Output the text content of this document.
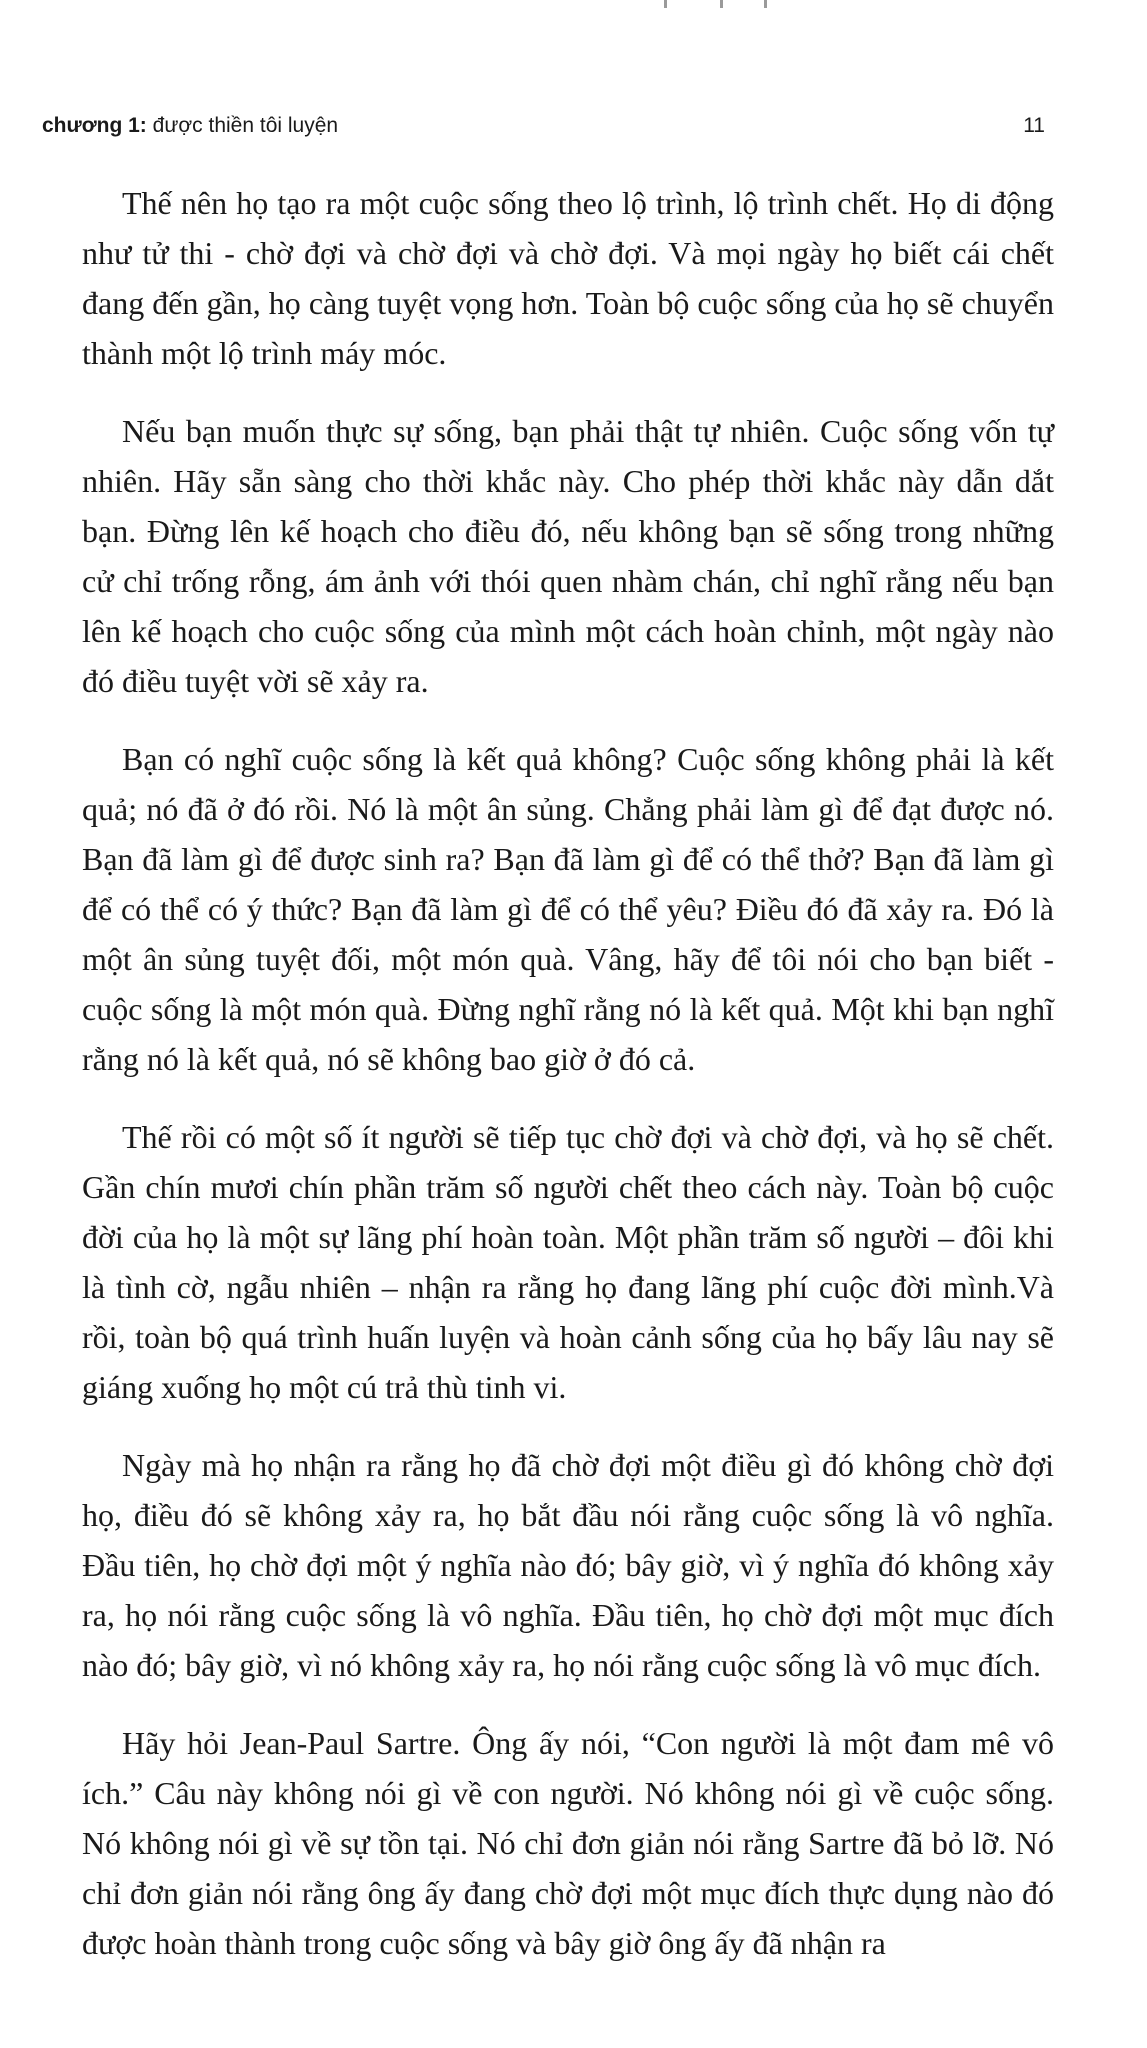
chương 1: được thiền tôi luyện	11

Thế nên họ tạo ra một cuộc sống theo lộ trình, lộ trình chết. Họ di động như tử thi - chờ đợi và chờ đợi và chờ đợi. Và mọi ngày họ biết cái chết đang đến gần, họ càng tuyệt vọng hơn. Toàn bộ cuộc sống của họ sẽ chuyển thành một lộ trình máy móc.

Nếu bạn muốn thực sự sống, bạn phải thật tự nhiên. Cuộc sống vốn tự nhiên. Hãy sẵn sàng cho thời khắc này. Cho phép thời khắc này dẫn dắt bạn. Đừng lên kế hoạch cho điều đó, nếu không bạn sẽ sống trong những cử chỉ trống rỗng, ám ảnh với thói quen nhàm chán, chỉ nghĩ rằng nếu bạn lên kế hoạch cho cuộc sống của mình một cách hoàn chỉnh, một ngày nào đó điều tuyệt vời sẽ xảy ra.

Bạn có nghĩ cuộc sống là kết quả không? Cuộc sống không phải là kết quả; nó đã ở đó rồi. Nó là một ân sủng. Chẳng phải làm gì để đạt được nó. Bạn đã làm gì để được sinh ra? Bạn đã làm gì để có thể thở? Bạn đã làm gì để có thể có ý thức? Bạn đã làm gì để có thể yêu? Điều đó đã xảy ra. Đó là một ân sủng tuyệt đối, một món quà. Vâng, hãy để tôi nói cho bạn biết - cuộc sống là một món quà. Đừng nghĩ rằng nó là kết quả. Một khi bạn nghĩ rằng nó là kết quả, nó sẽ không bao giờ ở đó cả.

Thế rồi có một số ít người sẽ tiếp tục chờ đợi và chờ đợi, và họ sẽ chết. Gần chín mươi chín phần trăm số người chết theo cách này. Toàn bộ cuộc đời của họ là một sự lãng phí hoàn toàn. Một phần trăm số người – đôi khi là tình cờ, ngẫu nhiên – nhận ra rằng họ đang lãng phí cuộc đời mình.Và rồi, toàn bộ quá trình huấn luyện và hoàn cảnh sống của họ bấy lâu nay sẽ giáng xuống họ một cú trả thù tinh vi.

Ngày mà họ nhận ra rằng họ đã chờ đợi một điều gì đó không chờ đợi họ, điều đó sẽ không xảy ra, họ bắt đầu nói rằng cuộc sống là vô nghĩa. Đầu tiên, họ chờ đợi một ý nghĩa nào đó; bây giờ, vì ý nghĩa đó không xảy ra, họ nói rằng cuộc sống là vô nghĩa. Đầu tiên, họ chờ đợi một mục đích nào đó; bây giờ, vì nó không xảy ra, họ nói rằng cuộc sống là vô mục đích.

Hãy hỏi Jean-Paul Sartre. Ông ấy nói, “Con người là một đam mê vô ích.” Câu này không nói gì về con người. Nó không nói gì về cuộc sống. Nó không nói gì về sự tồn tại. Nó chỉ đơn giản nói rằng Sartre đã bỏ lỡ. Nó chỉ đơn giản nói rằng ông ấy đang chờ đợi một mục đích thực dụng nào đó được hoàn thành trong cuộc sống và bây giờ ông ấy đã nhận ra
